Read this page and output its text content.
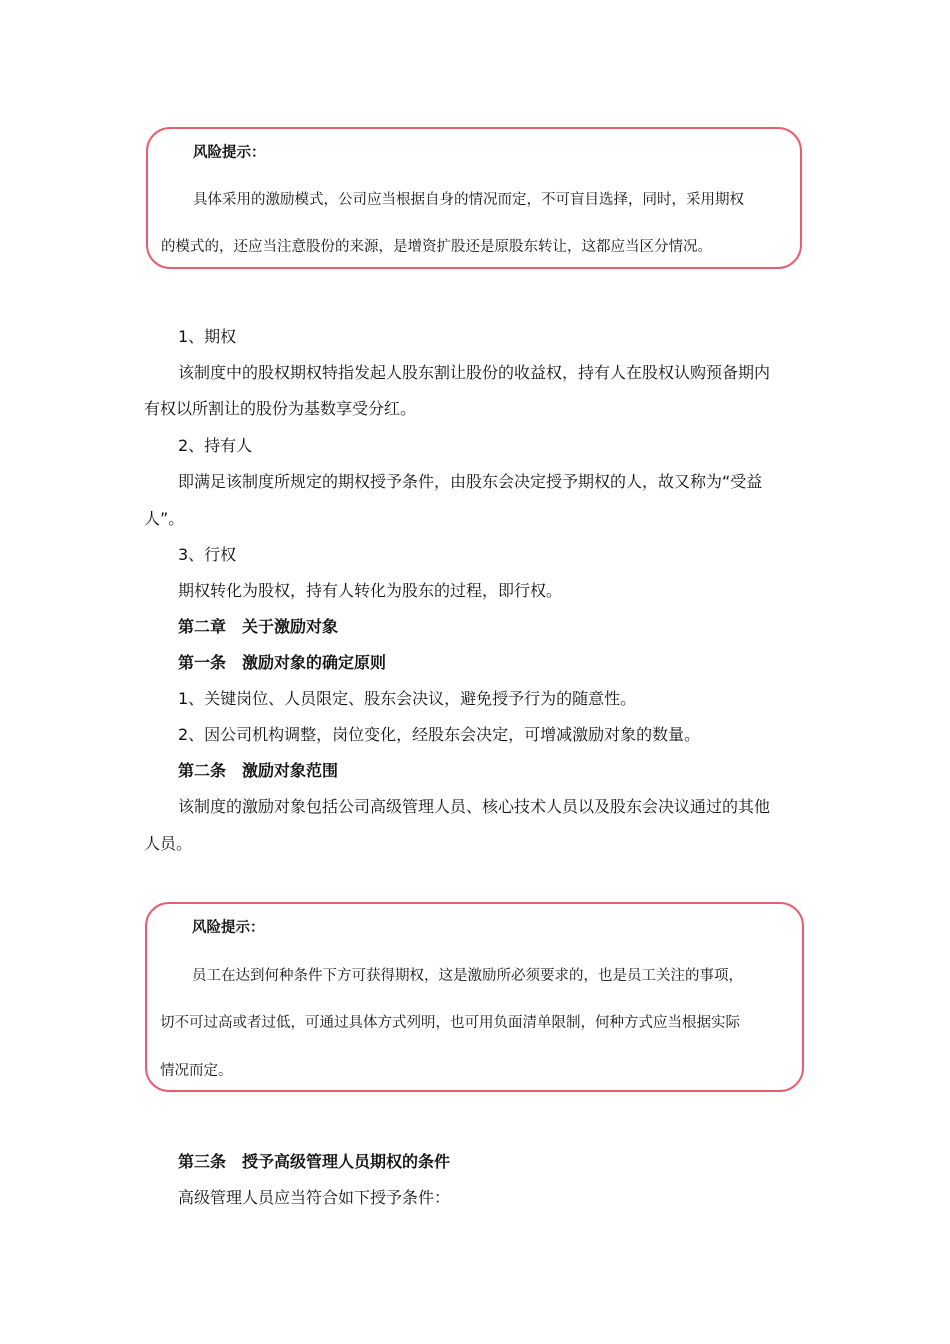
风险提示：
具体采用的激励模式，公司应当根据自身的情况而定，不可盲目选择，同时，采用期权
的模式的，还应当注意股份的来源，是增资扩股还是原股东转让，这都应当区分情况。
1、期权
该制度中的股权期权特指发起人股东割让股份的收益权，持有人在股权认购预备期内
有权以所割让的股份为基数享受分红。
2、持有人
即满足该制度所规定的期权授予条件，由股东会决定授予期权的人，故又称为“受益
人”。
3、行权
期权转化为股权，持有人转化为股东的过程，即行权。
第二章 关于激励对象
第一条 激励对象的确定原则
1、关键岗位、人员限定、股东会决议，避免授予行为的随意性。
2、因公司机构调整，岗位变化，经股东会决定，可增减激励对象的数量。
第二条 激励对象范围
该制度的激励对象包括公司高级管理人员、核心技术人员以及股东会决议通过的其他
人员。
风险提示：
员工在达到何种条件下方可获得期权，这是激励所必须要求的，也是员工关注的事项，
切不可过高或者过低，可通过具体方式列明，也可用负面清单限制，何种方式应当根据实际
情况而定。
第三条 授予高级管理人员期权的条件
高级管理人员应当符合如下授予条件：
